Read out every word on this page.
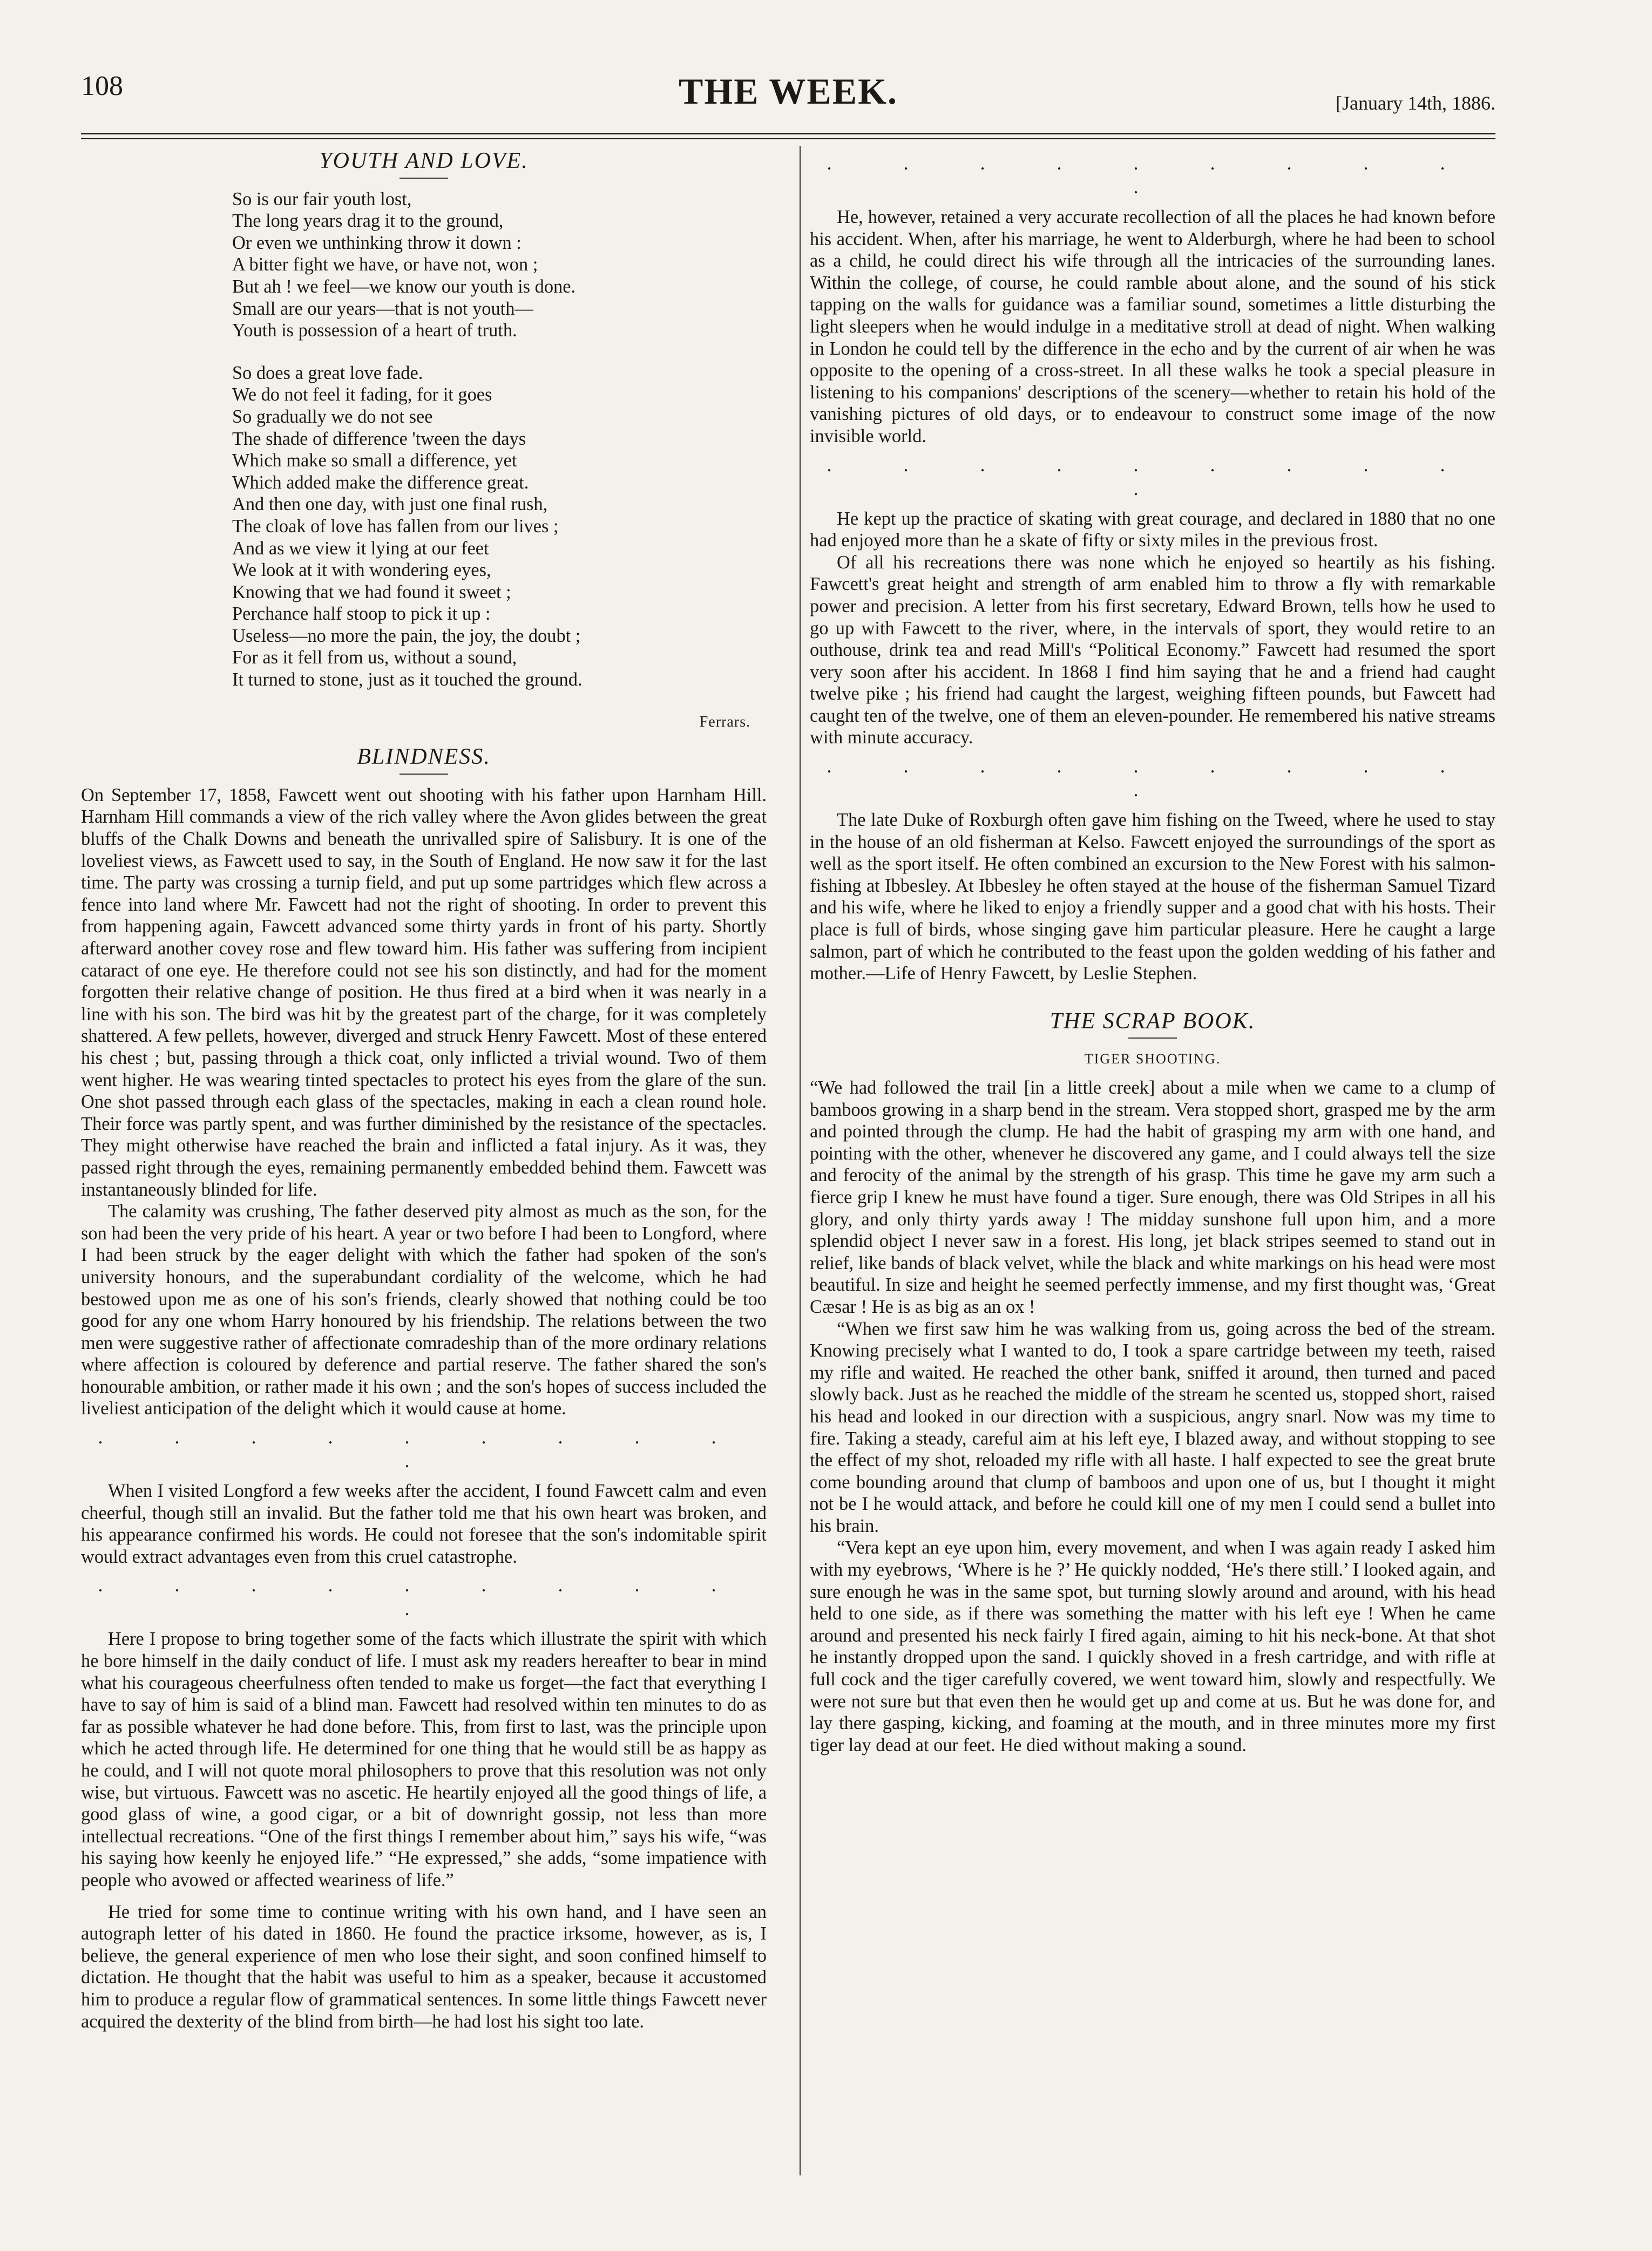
108	THE WEEK.	[January 14th, 1886.
YOUTH AND LOVE.
So is our fair youth lost,
The long years drag it to the ground,
Or even we unthinking throw it down :
A bitter fight we have, or have not, won ;
But ah ! we feel—we know our youth is done.
Small are our years—that is not youth—
Youth is possession of a heart of truth.
So does a great love fade.
We do not feel it fading, for it goes
So gradually we do not see
The shade of difference 'tween the days
Which make so small a difference, yet
Which added make the difference great.
And then one day, with just one final rush,
The cloak of love has fallen from our lives ;
And as we view it lying at our feet
We look at it with wondering eyes,
Knowing that we had found it sweet ;
Perchance half stoop to pick it up :
Useless—no more the pain, the joy, the doubt ;
For as it fell from us, without a sound,
It turned to stone, just as it touched the ground.
Ferrars.
BLINDNESS.

On September 17, 1858, Fawcett went out shooting with his father upon Harnham Hill. Harnham Hill commands a view of the rich valley where the Avon glides between the great bluffs of the Chalk Downs and beneath the unrivalled spire of Salisbury. It is one of the loveliest views, as Fawcett used to say, in the South of England. He now saw it for the last time. The party was crossing a turnip field, and put up some partridges which flew across a fence into land where Mr. Fawcett had not the right of shooting. In order to prevent this from happening again, Fawcett advanced some thirty yards in front of his party. Shortly afterward another covey rose and flew toward him. His father was suffering from incipient cataract of one eye. He therefore could not see his son distinctly, and had for the moment forgotten their relative change of position. He thus fired at a bird when it was nearly in a line with his son. The bird was hit by the greatest part of the charge, for it was completely shattered. A few pellets, however, diverged and struck Henry Fawcett. Most of these entered his chest ; but, passing through a thick coat, only inflicted a trivial wound. Two of them went higher. He was wearing tinted spectacles to protect his eyes from the glare of the sun. One shot passed through each glass of the spectacles, making in each a clean round hole. Their force was partly spent, and was further diminished by the resistance of the spectacles. They might otherwise have reached the brain and inflicted a fatal injury. As it was, they passed right through the eyes, remaining permanently embedded behind them. Fawcett was instantaneously blinded for life.

The calamity was crushing, The father deserved pity almost as much as the son, for the son had been the very pride of his heart. A year or two before I had been to Longford, where I had been struck by the eager delight with which the father had spoken of the son's university honours, and the superabundant cordiality of the welcome, which he had bestowed upon me as one of his son's friends, clearly showed that nothing could be too good for any one whom Harry honoured by his friendship. The relations between the two men were suggestive rather of affectionate comradeship than of the more ordinary relations where affection is coloured by deference and partial reserve. The father shared the son's honourable ambition, or rather made it his own ; and the son's hopes of success included the liveliest anticipation of the delight which it would cause at home.

. . . . . . . . . .

When I visited Longford a few weeks after the accident, I found Fawcett calm and even cheerful, though still an invalid. But the father told me that his own heart was broken, and his appearance confirmed his words. He could not foresee that the son's indomitable spirit would extract advantages even from this cruel catastrophe.

. . . . . . . . . .

Here I propose to bring together some of the facts which illustrate the spirit with which he bore himself in the daily conduct of life. I must ask my readers hereafter to bear in mind what his courageous cheerfulness often tended to make us forget—the fact that everything I have to say of him is said of a blind man. Fawcett had resolved within ten minutes to do as far as possible whatever he had done before. This, from first to last, was the principle upon which he acted through life. He determined for one thing that he would still be as happy as he could, and I will not quote moral philosophers to prove that this resolution was not only wise, but virtuous. Fawcett was no ascetic. He heartily enjoyed all the good things of life, a good glass of wine, a good cigar, or a bit of downright gossip, not less than more intellectual recreations. “One of the first things I remember about him,” says his wife, “was his saying how keenly he enjoyed life.” “He expressed,” she adds, “some impatience with people who avowed or affected weariness of life.”

He tried for some time to continue writing with his own hand, and I have seen an autograph letter of his dated in 1860. He found the practice irksome, however, as is, I believe, the general experience of men who lose their sight, and soon confined himself to dictation. He thought that the habit was useful to him as a speaker, because it accustomed him to produce a regular flow of grammatical sentences. In some little things Fawcett never acquired the dexterity of the blind from birth—he had lost his sight too late.

. . . . . . . . . .

He, however, retained a very accurate recollection of all the places he had known before his accident. When, after his marriage, he went to Alderburgh, where he had been to school as a child, he could direct his wife through all the intricacies of the surrounding lanes. Within the college, of course, he could ramble about alone, and the sound of his stick tapping on the walls for guidance was a familiar sound, sometimes a little disturbing the light sleepers when he would indulge in a meditative stroll at dead of night. When walking in London he could tell by the difference in the echo and by the current of air when he was opposite to the opening of a cross-street. In all these walks he took a special pleasure in listening to his companions' descriptions of the scenery—whether to retain his hold of the vanishing pictures of old days, or to endeavour to construct some image of the now invisible world.

. . . . . . . . . .

He kept up the practice of skating with great courage, and declared in 1880 that no one had enjoyed more than he a skate of fifty or sixty miles in the previous frost.

Of all his recreations there was none which he enjoyed so heartily as his fishing. Fawcett's great height and strength of arm enabled him to throw a fly with remarkable power and precision. A letter from his first secretary, Edward Brown, tells how he used to go up with Fawcett to the river, where, in the intervals of sport, they would retire to an outhouse, drink tea and read Mill's “Political Economy.” Fawcett had resumed the sport very soon after his accident. In 1868 I find him saying that he and a friend had caught twelve pike ; his friend had caught the largest, weighing fifteen pounds, but Fawcett had caught ten of the twelve, one of them an eleven-pounder. He remembered his native streams with minute accuracy.

. . . . . . . . . .

The late Duke of Roxburgh often gave him fishing on the Tweed, where he used to stay in the house of an old fisherman at Kelso. Fawcett enjoyed the surroundings of the sport as well as the sport itself. He often combined an excursion to the New Forest with his salmon-fishing at Ibbesley. At Ibbesley he often stayed at the house of the fisherman Samuel Tizard and his wife, where he liked to enjoy a friendly supper and a good chat with his hosts. Their place is full of birds, whose singing gave him particular pleasure. Here he caught a large salmon, part of which he contributed to the feast upon the golden wedding of his father and mother.—Life of Henry Fawcett, by Leslie Stephen.

THE SCRAP BOOK.
TIGER SHOOTING.

“We had followed the trail [in a little creek] about a mile when we came to a clump of bamboos growing in a sharp bend in the stream. Vera stopped short, grasped me by the arm and pointed through the clump. He had the habit of grasping my arm with one hand, and pointing with the other, whenever he discovered any game, and I could always tell the size and ferocity of the animal by the strength of his grasp. This time he gave my arm such a fierce grip I knew he must have found a tiger. Sure enough, there was Old Stripes in all his glory, and only thirty yards away ! The midday sunshone full upon him, and a more splendid object I never saw in a forest. His long, jet black stripes seemed to stand out in relief, like bands of black velvet, while the black and white markings on his head were most beautiful. In size and height he seemed perfectly immense, and my first thought was, ‘Great Cæsar ! He is as big as an ox !

“When we first saw him he was walking from us, going across the bed of the stream. Knowing precisely what I wanted to do, I took a spare cartridge between my teeth, raised my rifle and waited. He reached the other bank, sniffed it around, then turned and paced slowly back. Just as he reached the middle of the stream he scented us, stopped short, raised his head and looked in our direction with a suspicious, angry snarl. Now was my time to fire. Taking a steady, careful aim at his left eye, I blazed away, and without stopping to see the effect of my shot, reloaded my rifle with all haste. I half expected to see the great brute come bounding around that clump of bamboos and upon one of us, but I thought it might not be I he would attack, and before he could kill one of my men I could send a bullet into his brain.

“Vera kept an eye upon him, every movement, and when I was again ready I asked him with my eyebrows, ‘Where is he ?’ He quickly nodded, ‘He's there still.’ I looked again, and sure enough he was in the same spot, but turning slowly around and around, with his head held to one side, as if there was something the matter with his left eye ! When he came around and presented his neck fairly I fired again, aiming to hit his neck-bone. At that shot he instantly dropped upon the sand. I quickly shoved in a fresh cartridge, and with rifle at full cock and the tiger carefully covered, we went toward him, slowly and respectfully. We were not sure but that even then he would get up and come at us. But he was done for, and lay there gasping, kicking, and foaming at the mouth, and in three minutes more my first tiger lay dead at our feet. He died without making a sound.
